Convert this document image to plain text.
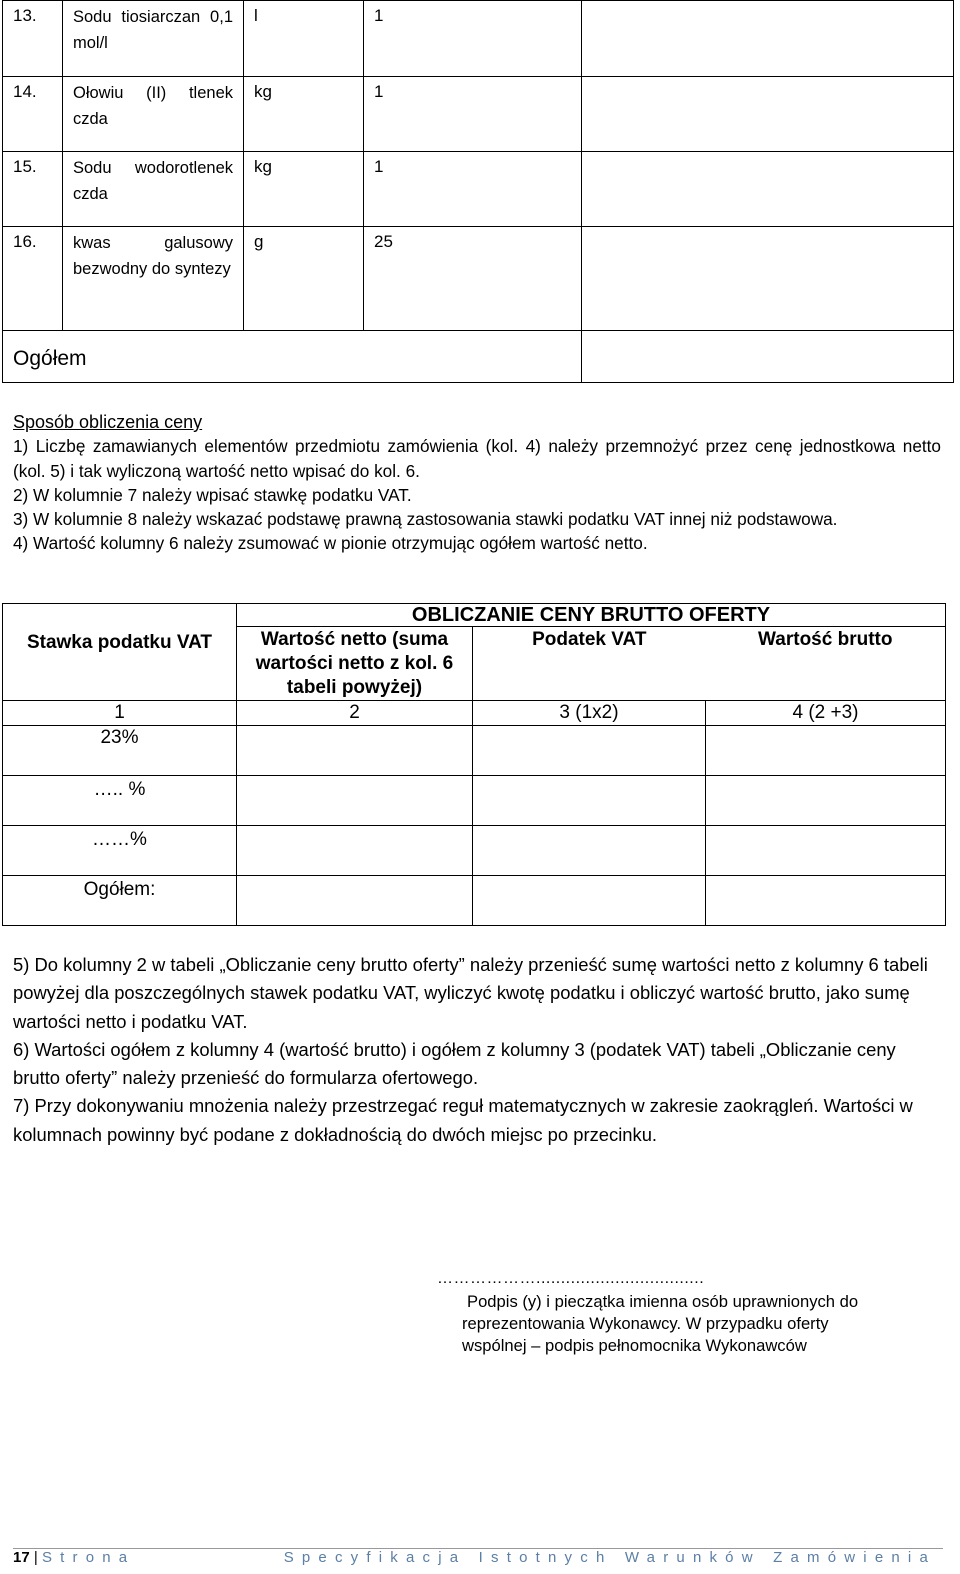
13.	Sodu tiosiarczan 0,1 mol/l	l	1	
14.	Ołowiu (II) tlenek czda	kg	1	
15.	Sodu wodorotlenek czda	kg	1	
16.	kwas galusowy bezwodny do syntezy	g	25	
Ogółem				

Sposób obliczenia ceny

1) Liczbę zamawianych elementów przedmiotu zamówienia (kol. 4) należy przemnożyć przez cenę jednostkowa netto (kol. 5) i tak wyliczoną wartość netto wpisać do kol. 6.

2) W kolumnie 7 należy wpisać stawkę podatku VAT.

3) W kolumnie 8 należy wskazać podstawę prawną zastosowania stawki podatku VAT innej niż podstawowa.

4) Wartość kolumny 6 należy zsumować w pionie otrzymując ogółem wartość netto.

Stawka podatku VAT	OBLICZANIE CENY BRUTTO OFERTY		
	Wartość netto (suma wartości netto z kol. 6 tabeli powyżej)	Podatek VAT	Wartość brutto
1	2	3 (1x2)	4 (2 +3)
23%			
….. %			
……%			
Ogółem:			

5) Do kolumny 2 w tabeli „Obliczanie ceny brutto oferty” należy przenieść sumę wartości netto z kolumny 6 tabeli powyżej dla poszczególnych stawek podatku VAT, wyliczyć kwotę podatku i obliczyć wartość brutto, jako sumę wartości netto i podatku VAT.

6) Wartości ogółem z kolumny 4 (wartość brutto) i ogółem z kolumny 3 (podatek VAT) tabeli „Obliczanie ceny brutto oferty” należy przenieść do formularza ofertowego.

7) Przy dokonywaniu mnożenia należy przestrzegać reguł matematycznych w zakresie zaokrągleń. Wartości w kolumnach powinny być podane z dokładnością do dwóch miejsc po przecinku.

………………..................................
Podpis (y) i pieczątka imienna osób uprawnionych do
reprezentowania Wykonawcy. W przypadku oferty
wspólnej – podpis pełnomocnika Wykonawców
17 | Strona	Specyfikacja Istotnych Warunków Zamówienia
